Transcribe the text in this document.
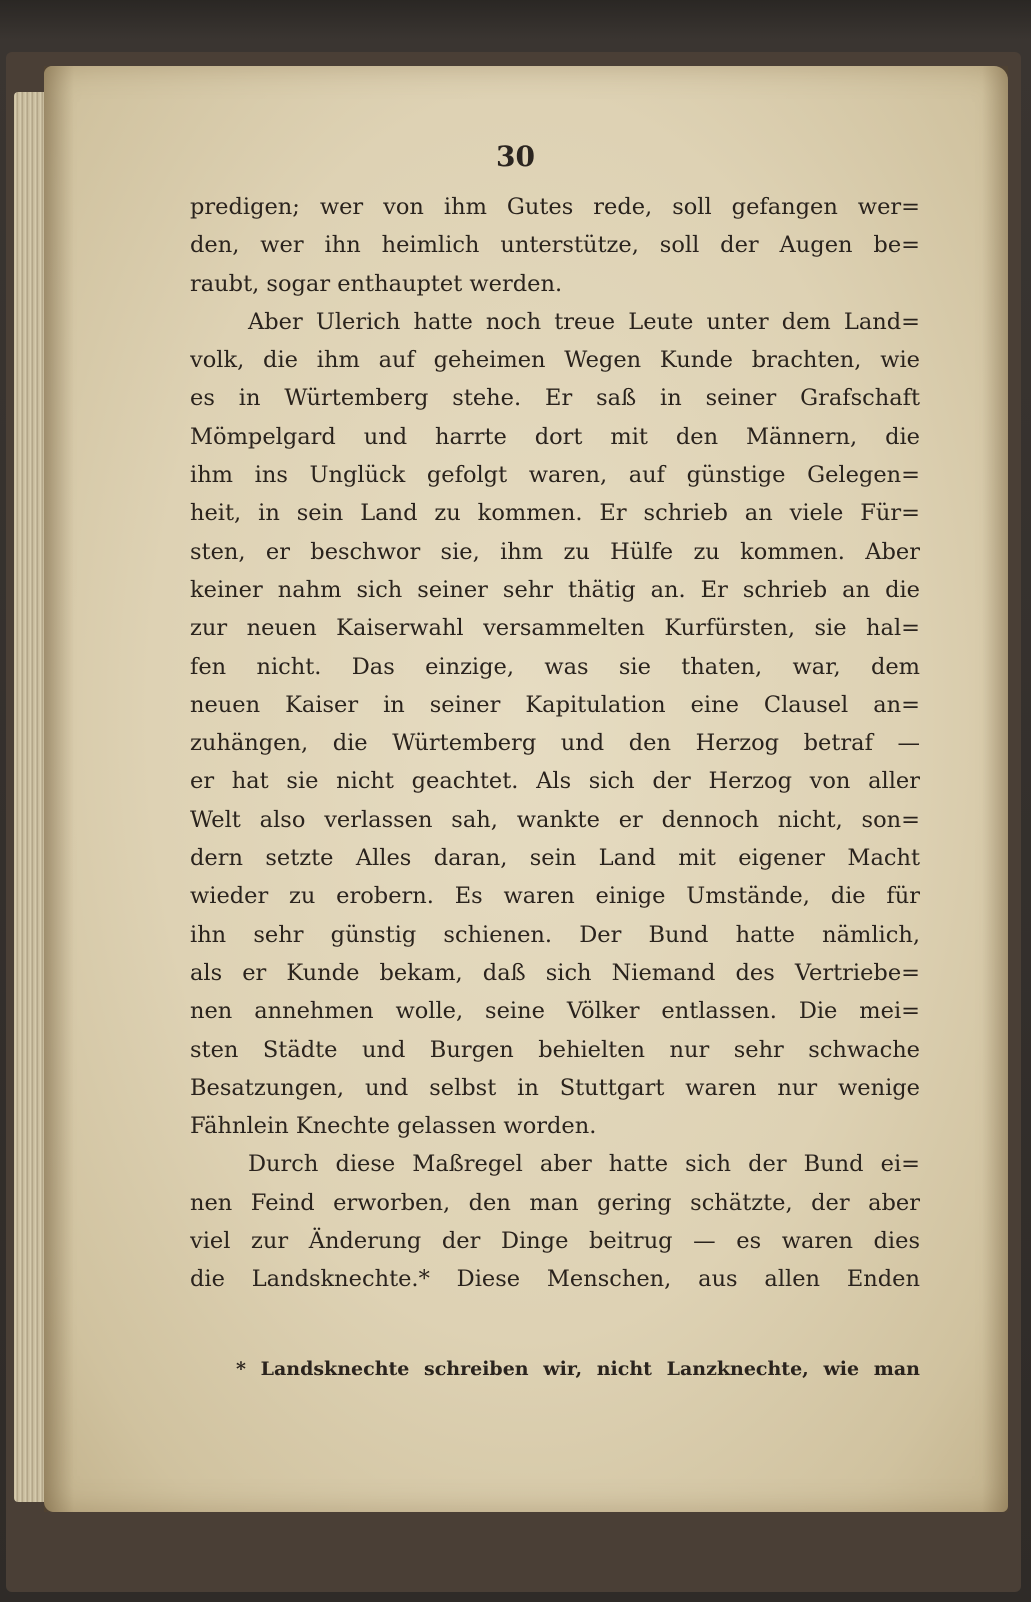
30
predigen; wer von ihm Gutes rede, soll gefangen wer=
den, wer ihn heimlich unterstütze, soll der Augen be=
raubt, sogar enthauptet werden.
Aber Ulerich hatte noch treue Leute unter dem Land=
volk, die ihm auf geheimen Wegen Kunde brachten, wie
es in Würtemberg stehe. Er saß in seiner Grafschaft
Mömpelgard und harrte dort mit den Männern, die
ihm ins Unglück gefolgt waren, auf günstige Gelegen=
heit, in sein Land zu kommen. Er schrieb an viele Für=
sten, er beschwor sie, ihm zu Hülfe zu kommen. Aber
keiner nahm sich seiner sehr thätig an. Er schrieb an die
zur neuen Kaiserwahl versammelten Kurfürsten, sie hal=
fen nicht. Das einzige, was sie thaten, war, dem
neuen Kaiser in seiner Kapitulation eine Clausel an=
zuhängen, die Würtemberg und den Herzog betraf —
er hat sie nicht geachtet. Als sich der Herzog von aller
Welt also verlassen sah, wankte er dennoch nicht, son=
dern setzte Alles daran, sein Land mit eigener Macht
wieder zu erobern. Es waren einige Umstände, die für
ihn sehr günstig schienen. Der Bund hatte nämlich,
als er Kunde bekam, daß sich Niemand des Vertriebe=
nen annehmen wolle, seine Völker entlassen. Die mei=
sten Städte und Burgen behielten nur sehr schwache
Besatzungen, und selbst in Stuttgart waren nur wenige
Fähnlein Knechte gelassen worden.
Durch diese Maßregel aber hatte sich der Bund ei=
nen Feind erworben, den man gering schätzte, der aber
viel zur Änderung der Dinge beitrug — es waren dies
die Landsknechte.* Diese Menschen, aus allen Enden
* Landsknechte schreiben wir, nicht Lanzknechte, wie man
